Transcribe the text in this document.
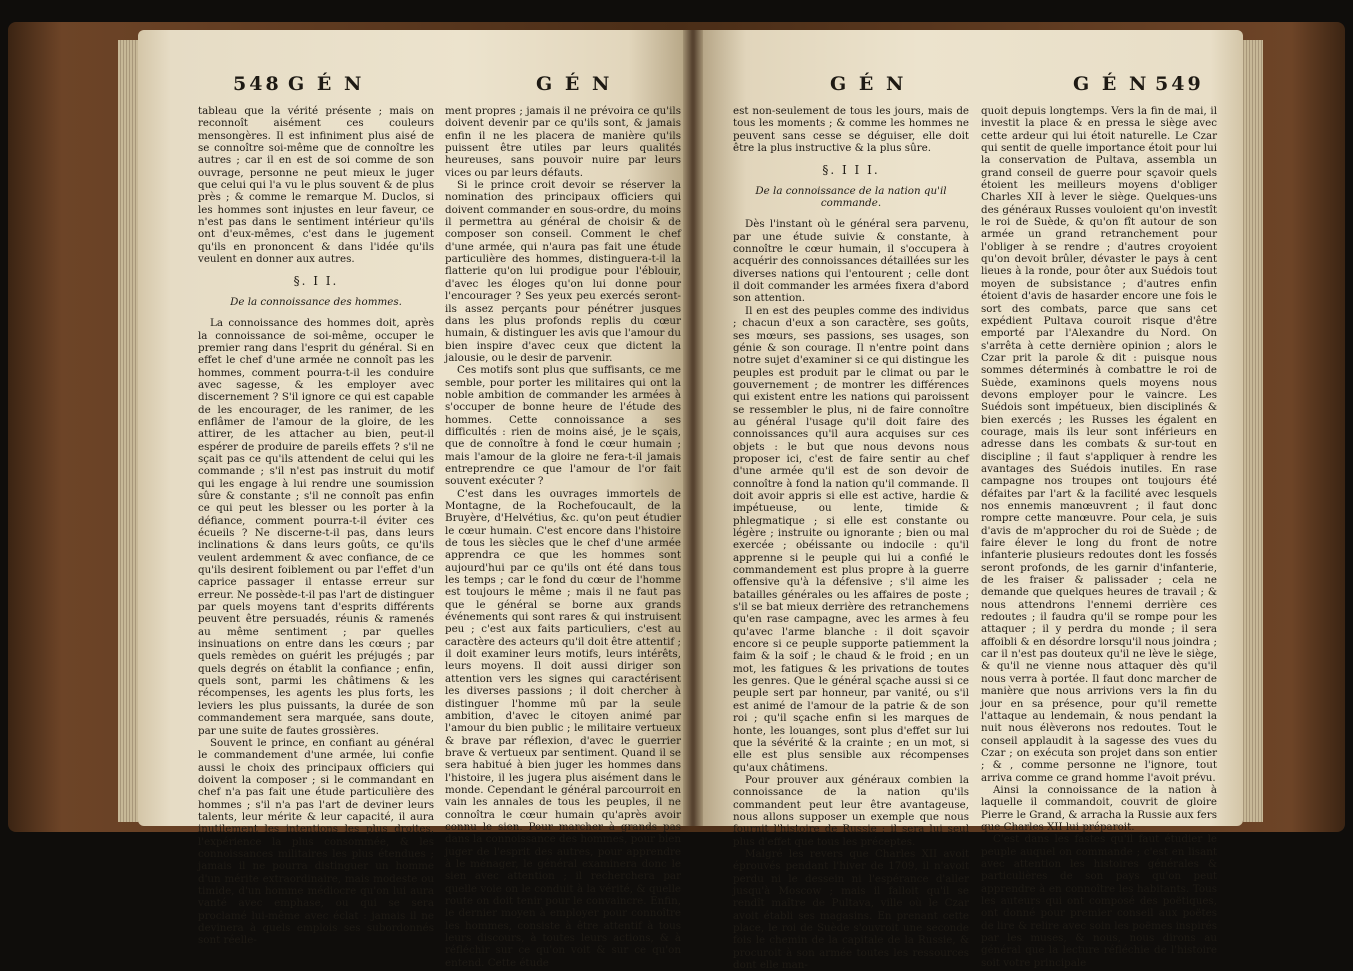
548 G É N	G É N

tableau que la vérité présente ; mais on reconnoît aisément ces couleurs mensongères. Il est infiniment plus aisé de se connoître soi-même que de connoître les autres ; car il en est de soi comme de son ouvrage, personne ne peut mieux le juger que celui qui l'a vu le plus souvent & de plus près ; & comme le remarque M. Duclos, si les hommes sont injustes en leur faveur, ce n'est pas dans le sentiment intérieur qu'ils ont d'eux-mêmes, c'est dans le jugement qu'ils en prononcent & dans l'idée qu'ils veulent en donner aux autres.

§. I I.
De la connoissance des hommes.

La connoissance des hommes doit, après la connoissance de soi-même, occuper le premier rang dans l'esprit du général. Si en effet le chef d'une armée ne connoît pas les hommes, comment pourra-t-il les conduire avec sagesse, & les employer avec discernement ? S'il ignore ce qui est capable de les encourager, de les ranimer, de les enflâmer de l'amour de la gloire, de les attirer, de les attacher au bien, peut-il espérer de produire de pareils effets ? s'il ne sçait pas ce qu'ils attendent de celui qui les commande ; s'il n'est pas instruit du motif qui les engage à lui rendre une soumission sûre & constante ; s'il ne connoît pas enfin ce qui peut les blesser ou les porter à la défiance, comment pourra-t-il éviter ces écueils ? Ne discerne-t-il pas, dans leurs inclinations & dans leurs goûts, ce qu'ils veulent ardemment & avec confiance, de ce qu'ils desirent foiblement ou par l'effet d'un caprice passager il entasse erreur sur erreur. Ne possède-t-il pas l'art de distinguer par quels moyens tant d'esprits différents peuvent être persuadés, réunis & ramenés au même sentiment ; par quelles insinuations on entre dans les cœurs ; par quels remèdes on guérit les préjugés ; par quels degrés on établit la confiance ; enfin, quels sont, parmi les châtimens & les récompenses, les agents les plus forts, les leviers les plus puissants, la durée de son commandement sera marquée, sans doute, par une suite de fautes grossières.

Souvent le prince, en confiant au général le commandement d'une armée, lui confie aussi le choix des principaux officiers qui doivent la composer ; si le commandant en chef n'a pas fait une étude particulière des hommes ; s'il n'a pas l'art de deviner leurs talents, leur mérite & leur capacité, il aura inutilement les intentions les plus droites, l'expérience la plus consommée, & les connoissances militaires les plus étendues ; jamais il ne pourra distinguer un homme d'un mérite extraordinaire, mais modeste ou timide, d'un homme médiocre qu'on lui aura vanté avec emphase, ou qui se sera proclamé lui-même avec éclat : jamais il ne devinera à quels emplois ses subordonnés sont réelle-

ment propres ; jamais il ne prévoira ce qu'ils doivent devenir par ce qu'ils sont, & jamais enfin il ne les placera de manière qu'ils puissent être utiles par leurs qualités heureuses, sans pouvoir nuire par leurs vices ou par leurs défauts.

Si le prince croit devoir se réserver la nomination des principaux officiers qui doivent commander en sous-ordre, du moins il permettra au général de choisir & de composer son conseil. Comment le chef d'une armée, qui n'aura pas fait une étude particulière des hommes, distinguera-t-il la flatterie qu'on lui prodigue pour l'éblouir, d'avec les éloges qu'on lui donne pour l'encourager ? Ses yeux peu exercés seront-ils assez perçants pour pénétrer jusques dans les plus profonds replis du cœur humain, & distinguer les avis que l'amour du bien inspire d'avec ceux que dictent la jalousie, ou le desir de parvenir.

Ces motifs sont plus que suffisants, ce me semble, pour porter les militaires qui ont la noble ambition de commander les armées à s'occuper de bonne heure de l'étude des hommes. Cette connoissance a ses difficultés : rien de moins aisé, je le sçais, que de connoître à fond le cœur humain ; mais l'amour de la gloire ne fera-t-il jamais entreprendre ce que l'amour de l'or fait souvent exécuter ?

C'est dans les ouvrages immortels de Montagne, de la Rochefoucault, de la Bruyère, d'Helvétius, &c. qu'on peut étudier le cœur humain. C'est encore dans l'histoire de tous les siècles que le chef d'une armée apprendra ce que les hommes sont aujourd'hui par ce qu'ils ont été dans tous les temps ; car le fond du cœur de l'homme est toujours le même ; mais il ne faut pas que le général se borne aux grands événements qui sont rares & qui instruisent peu ; c'est aux faits particuliers, c'est au caractère des acteurs qu'il doit être attentif ; il doit examiner leurs motifs, leurs intérêts, leurs moyens. Il doit aussi diriger son attention vers les signes qui caractérisent les diverses passions ; il doit chercher à distinguer l'homme mû par la seule ambition, d'avec le citoyen animé par l'amour du bien public ; le militaire vertueux & brave par réflexion, d'avec le guerrier brave & vertueux par sentiment. Quand il se sera habitué à bien juger les hommes dans l'histoire, il les jugera plus aisément dans le monde. Cependant le général parcourroit en vain les annales de tous les peuples, il ne connoîtra le cœur humain qu'après avoir connu le sien. Pour marcher à grands pas dans la connoissance des hommes, pour bien juger de l'esprit des autres, pour apprendre à le ménager, le général examinera donc le sien avec attention ; il recherchera par quelle voie on le conduit à la vérité, & quelle route on doit tenir pour le convaincre. Enfin, le dernier moyen à employer pour connoître les hommes, consiste à être attentif à tous leurs discours, à toutes leurs actions, & à réfléchir sur ce qu'on voit & sur ce qu'on entend. Cette étude

G É N	G É N 549

est non-seulement de tous les jours, mais de tous les moments ; & comme les hommes ne peuvent sans cesse se déguiser, elle doit être la plus instructive & la plus sûre.

§. I I I.
De la connoissance de la nation qu'il commande.

Dès l'instant où le général sera parvenu, par une étude suivie & constante, à connoître le cœur humain, il s'occupera à acquérir des connoissances détaillées sur les diverses nations qui l'entourent ; celle dont il doit commander les armées fixera d'abord son attention.

Il en est des peuples comme des individus ; chacun d'eux a son caractère, ses goûts, ses mœurs, ses passions, ses usages, son génie & son courage. Il n'entre point dans notre sujet d'examiner si ce qui distingue les peuples est produit par le climat ou par le gouvernement ; de montrer les différences qui existent entre les nations qui paroissent se ressembler le plus, ni de faire connoître au général l'usage qu'il doit faire des connoissances qu'il aura acquises sur ces objets : le but que nous devons nous proposer ici, c'est de faire sentir au chef d'une armée qu'il est de son devoir de connoître à fond la nation qu'il commande. Il doit avoir appris si elle est active, hardie & impétueuse, ou lente, timide & phlegmatique ; si elle est constante ou légère ; instruite ou ignorante ; bien ou mal exercée ; obéissante ou indocile : qu'il apprenne si le peuple qui lui a confié le commandement est plus propre à la guerre offensive qu'à la défensive ; s'il aime les batailles générales ou les affaires de poste ; s'il se bat mieux derrière des retranchemens qu'en rase campagne, avec les armes à feu qu'avec l'arme blanche : il doit sçavoir encore si ce peuple supporte patiemment la faim & la soif ; le chaud & le froid ; en un mot, les fatigues & les privations de toutes les genres. Que le général sçache aussi si ce peuple sert par honneur, par vanité, ou s'il est animé de l'amour de la patrie & de son roi ; qu'il sçache enfin si les marques de honte, les louanges, sont plus d'effet sur lui que la sévérité & la crainte ; en un mot, si elle est plus sensible aux récompenses qu'aux châtimens.

Pour prouver aux généraux combien la connoissance de la nation qu'ils commandent peut leur être avantageuse, nous allons supposer un exemple que nous fournit l'histoire de Russie : il sera lui seul plus d'effet que tous les préceptes.

Malgré les revers que Charles XII avoit éprouvés pendant l'hiver de 1709, il n'avoit perdu ni le dessein ni l'espérance d'aller jusqu'à Moscow ; mais il falloit qu'il se rendît maître de Pultava, ville où le Czar avoit établi ses magasins. En prenant cette place, le roi de Suède s'ouvroit une seconde fois le chemin de la capitale de la Russie, & procuroit à son armée toutes les ressources dont elle man-

quoit depuis longtemps. Vers la fin de mai, il investit la place & en pressa le siège avec cette ardeur qui lui étoit naturelle. Le Czar qui sentit de quelle importance étoit pour lui la conservation de Pultava, assembla un grand conseil de guerre pour sçavoir quels étoient les meilleurs moyens d'obliger Charles XII à lever le siège. Quelques-uns des généraux Russes vouloient qu'on investît le roi de Suède, & qu'on fît autour de son armée un grand retranchement pour l'obliger à se rendre ; d'autres croyoient qu'on devoit brûler, dévaster le pays à cent lieues à la ronde, pour ôter aux Suédois tout moyen de subsistance ; d'autres enfin étoient d'avis de hasarder encore une fois le sort des combats, parce que sans cet expédient Pultava couroit risque d'être emporté par l'Alexandre du Nord. On s'arrêta à cette dernière opinion ; alors le Czar prit la parole & dit : puisque nous sommes déterminés à combattre le roi de Suède, examinons quels moyens nous devons employer pour le vaincre. Les Suédois sont impétueux, bien disciplinés & bien exercés ; les Russes les égalent en courage, mais ils leur sont inférieurs en adresse dans les combats & sur-tout en discipline ; il faut s'appliquer à rendre les avantages des Suédois inutiles. En rase campagne nos troupes ont toujours été défaites par l'art & la facilité avec lesquels nos ennemis manœuvrent ; il faut donc rompre cette manœuvre. Pour cela, je suis d'avis de m'approcher du roi de Suède ; de faire élever le long du front de notre infanterie plusieurs redoutes dont les fossés seront profonds, de les garnir d'infanterie, de les fraiser & palissader ; cela ne demande que quelques heures de travail ; & nous attendrons l'ennemi derrière ces redoutes ; il faudra qu'il se rompe pour les attaquer ; il y perdra du monde ; il sera affoibli & en désordre lorsqu'il nous joindra ; car il n'est pas douteux qu'il ne lève le siège, & qu'il ne vienne nous attaquer dès qu'il nous verra à portée. Il faut donc marcher de manière que nous arrivions vers la fin du jour en sa présence, pour qu'il remette l'attaque au lendemain, & nous pendant la nuit nous élèverons nos redoutes. Tout le conseil applaudit à la sagesse des vues du Czar ; on exécuta son projet dans son entier ; & , comme personne ne l'ignore, tout arriva comme ce grand homme l'avoit prévu.

Ainsi la connoissance de la nation à laquelle il commandoit, couvrit de gloire Pierre le Grand, & arracha la Russie aux fers que Charles XII lui préparoit.

C'est dans les fastes qu'il faut étudier le peuple auquel on commande ; c'est en lisant avec attention les histoires générales & particulières de son pays qu'on peut apprendre à en connoître les habitants. Tous les auteurs qui ont composé des poëtiques, ont donné pour premier conseil aux poëtes de lire & relire avec soin les poëmes inspirés par les muses, & nous, nous dirons au général que la lecture réfléchie de l'histoire soit votre principale
